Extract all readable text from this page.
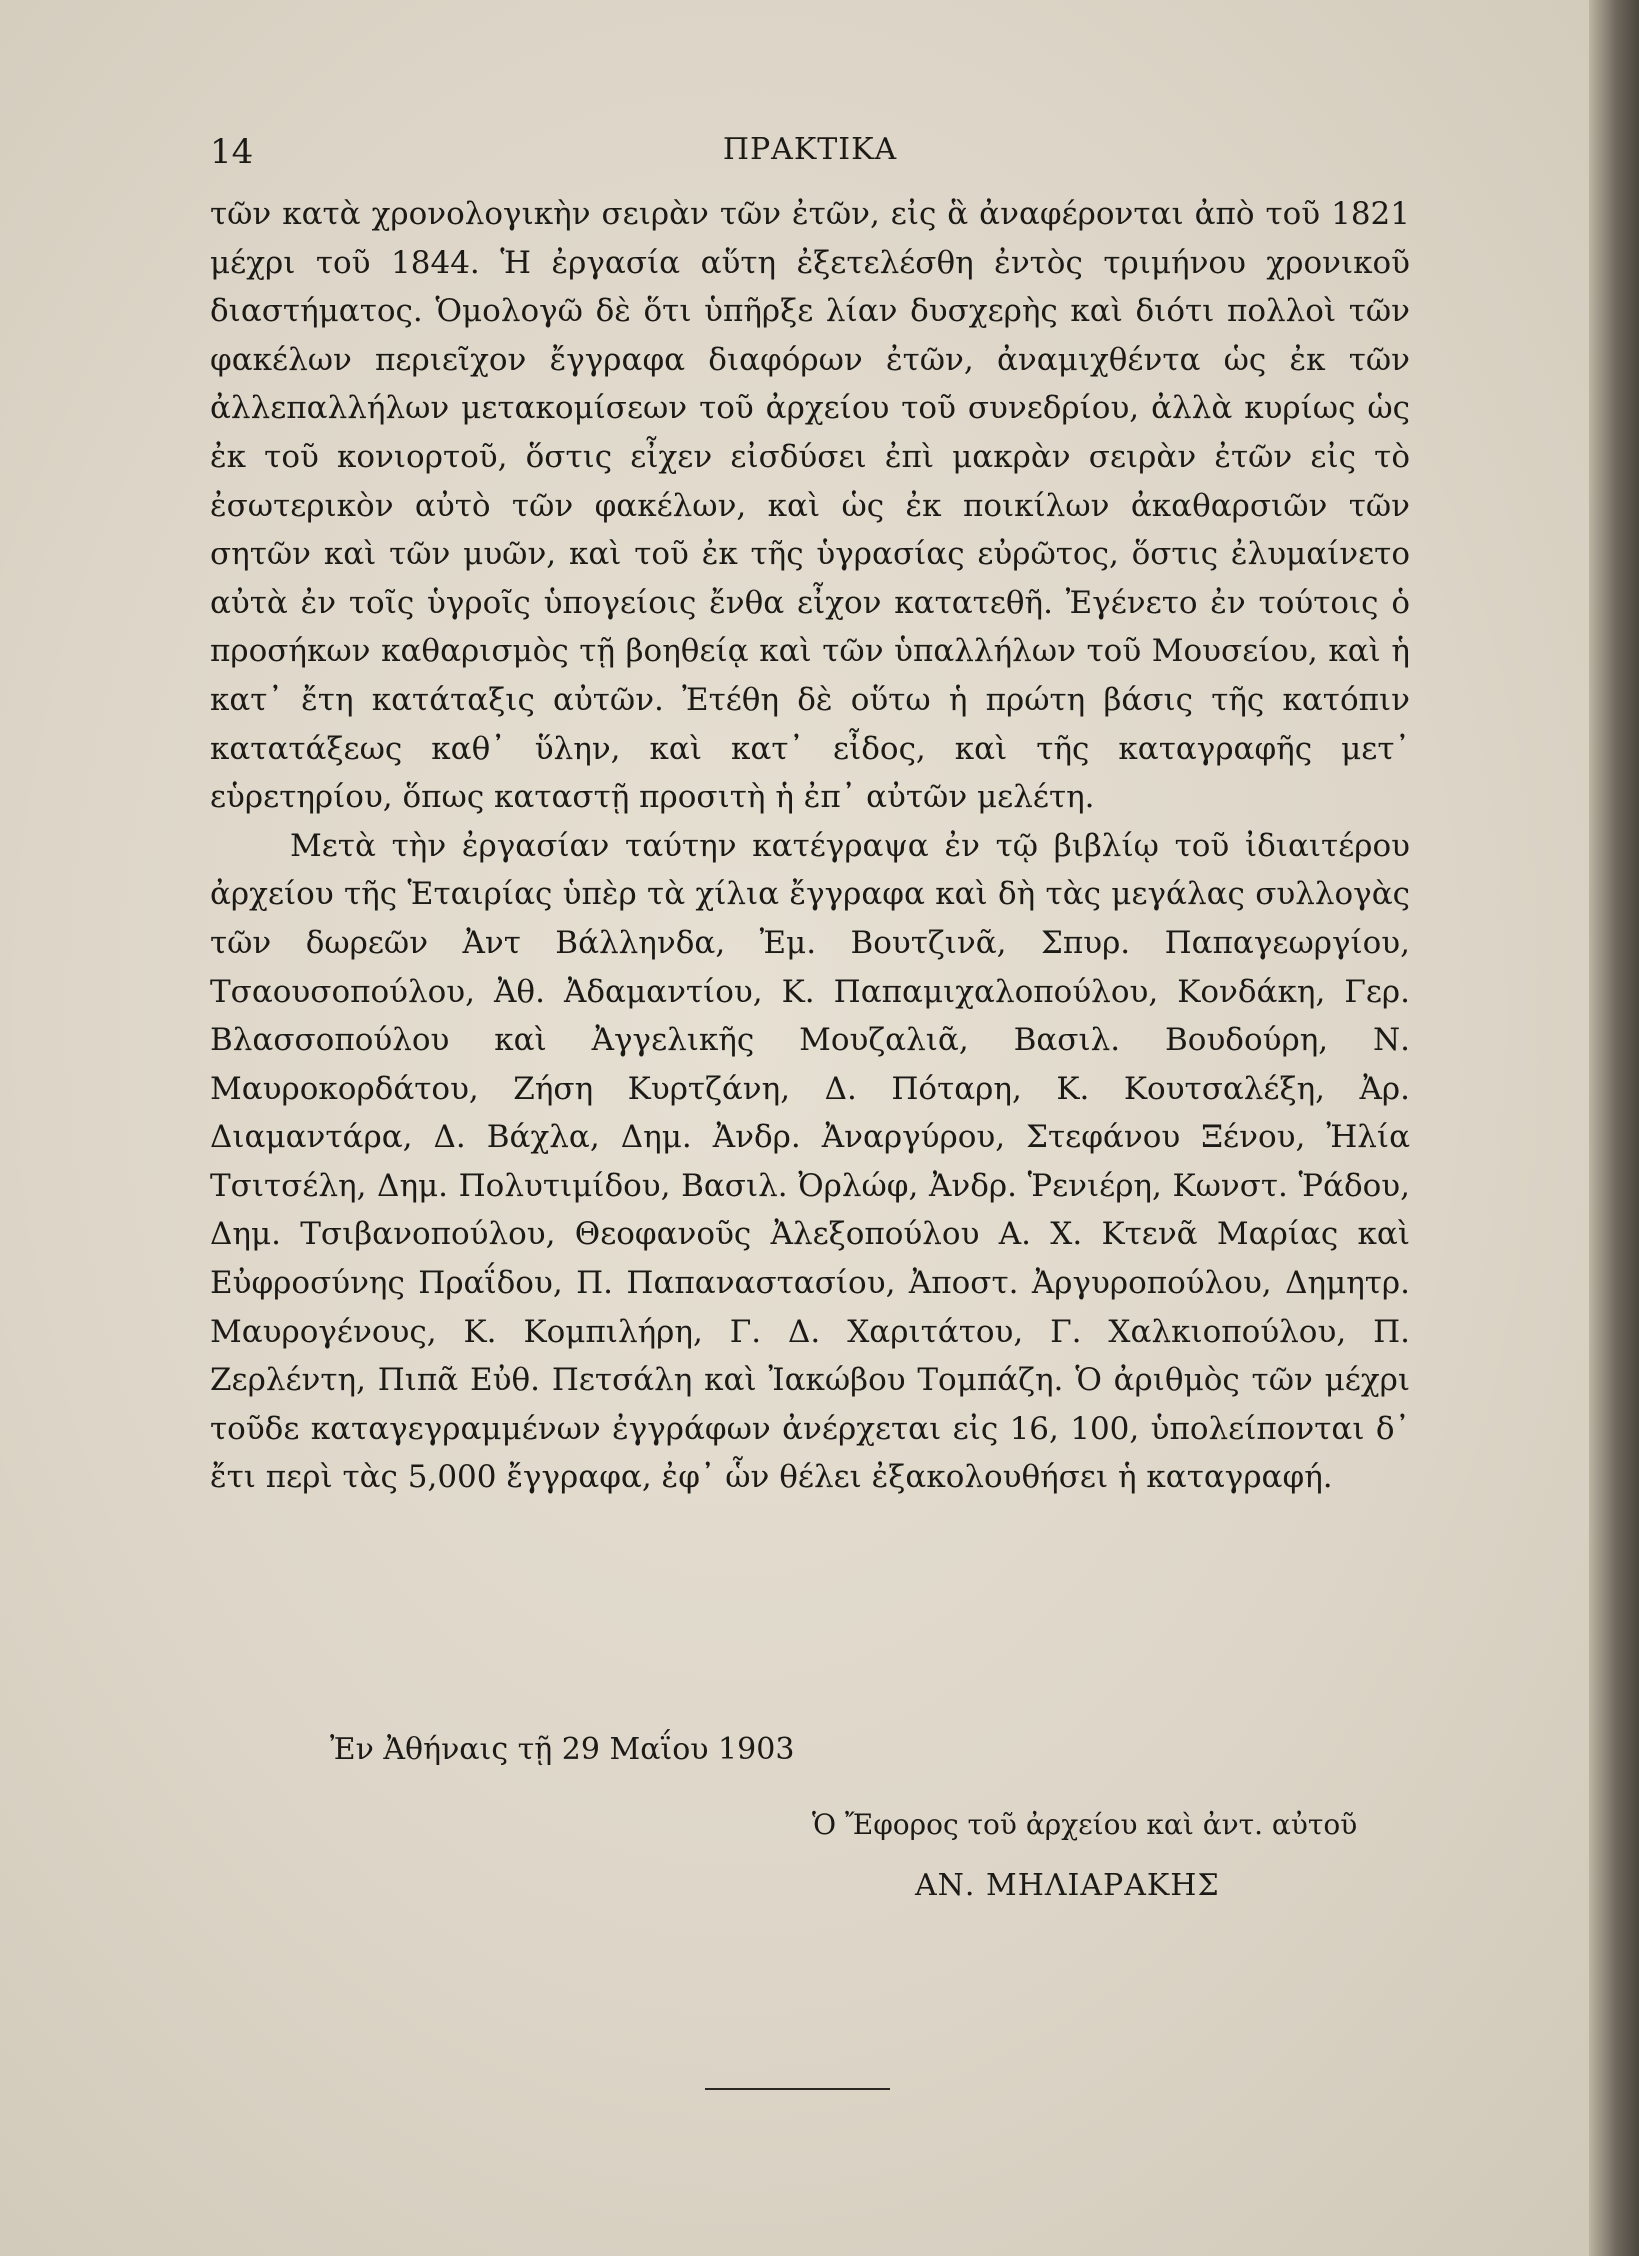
ΠΡΑΚΤΙΚΑ
14

τῶν κατὰ χρονολογικὴν σειρὰν τῶν ἐτῶν, εἰς ἃ ἀναφέρονται ἀπὸ τοῦ 1821 μέχρι τοῦ 1844. Ἡ ἐργασία αὕτη ἐξετελέσθη ἐντὸς τριμήνου χρονικοῦ διαστήματος. Ὁμολογῶ δὲ ὅτι ὑπῆρξε λίαν δυσχερὴς καὶ διότι πολλοὶ τῶν φακέλων περιεῖχον ἔγγραφα διαφόρων ἐτῶν, ἀναμιχθέντα ὡς ἐκ τῶν ἀλλεπαλλήλων μετακομίσεων τοῦ ἀρχείου τοῦ συνεδρίου, ἀλλὰ κυρίως ὡς ἐκ τοῦ κονιορτοῦ, ὅστις εἶχεν εἰσδύσει ἐπὶ μακρὰν σειρὰν ἐτῶν εἰς τὸ ἐσωτερικὸν αὐτὸ τῶν φακέλων, καὶ ὡς ἐκ ποικίλων ἀκαθαρσιῶν τῶν σητῶν καὶ τῶν μυῶν, καὶ τοῦ ἐκ τῆς ὑγρασίας εὐρῶτος, ὅστις ἐλυμαίνετο αὐτὰ ἐν τοῖς ὑγροῖς ὑπογείοις ἔνθα εἶχον κατατεθῆ. Ἐγένετο ἐν τούτοις ὁ προσήκων καθαρισμὸς τῇ βοηθείᾳ καὶ τῶν ὑπαλλήλων τοῦ Μουσείου, καὶ ἡ κατ᾽ ἔτη κατάταξις αὐτῶν. Ἐτέθη δὲ οὕτω ἡ πρώτη βάσις τῆς κατόπιν κατατάξεως καθ᾽ ὕλην, καὶ κατ᾽ εἶδος, καὶ τῆς καταγραφῆς μετ᾽ εὑρετηρίου, ὅπως καταστῇ προσιτὴ ἡ ἐπ᾽ αὐτῶν μελέτη.

Μετὰ τὴν ἐργασίαν ταύτην κατέγραψα ἐν τῷ βιβλίῳ τοῦ ἰδιαιτέρου ἀρχείου τῆς Ἑταιρίας ὑπὲρ τὰ χίλια ἔγγραφα καὶ δὴ τὰς μεγάλας συλλογὰς τῶν δωρεῶν Ἀντ Βάλληνδα, Ἐμ. Βουτζινᾶ, Σπυρ. Παπαγεωργίου, Τσαουσοπούλου, Ἀθ. Ἀδαμαντίου, Κ. Παπαμιχαλοπούλου, Κονδάκη, Γερ. Βλασσοπούλου καὶ Ἀγγελικῆς Μουζαλιᾶ, Βασιλ. Βουδούρη, Ν. Μαυροκορδάτου, Ζήση Κυρτζάνη, Δ. Πόταρη, Κ. Κουτσαλέξη, Ἀρ. Διαμαντάρα, Δ. Βάχλα, Δημ. Ἀνδρ. Ἀναργύρου, Στεφάνου Ξένου, Ἠλία Τσιτσέλη, Δημ. Πολυτιμίδου, Βασιλ. Ὀρλώφ, Ἀνδρ. Ῥενιέρη, Κωνστ. Ῥάδου, Δημ. Τσιβανοπούλου, Θεοφανοῦς Ἀλεξοπούλου Α. Χ. Κτενᾶ Μαρίας καὶ Εὐφροσύνης Πραΐδου, Π. Παπαναστασίου, Ἀποστ. Ἀργυροπούλου, Δημητρ. Μαυρογένους, Κ. Κομπιλήρη, Γ. Δ. Χαριτάτου, Γ. Χαλκιοπούλου, Π. Ζερλέντη, Πιπᾶ Εὐθ. Πετσάλη καὶ Ἰακώβου Τομπάζη. Ὁ ἀριθμὸς τῶν μέχρι τοῦδε καταγεγραμμένων ἐγγράφων ἀνέρχεται εἰς 16, 100, ὑπολείπονται δ᾽ ἔτι περὶ τὰς 5,000 ἔγγραφα, ἐφ᾽ ὧν θέλει ἐξακολουθήσει ἡ καταγραφή.

Ἐν Ἀθήναις τῇ 29 Μαΐου 1903
Ὁ Ἔφορος τοῦ ἀρχείου καὶ ἀντ. αὐτοῦ
ΑΝ. ΜΗΛΙΑΡΑΚΗΣ
